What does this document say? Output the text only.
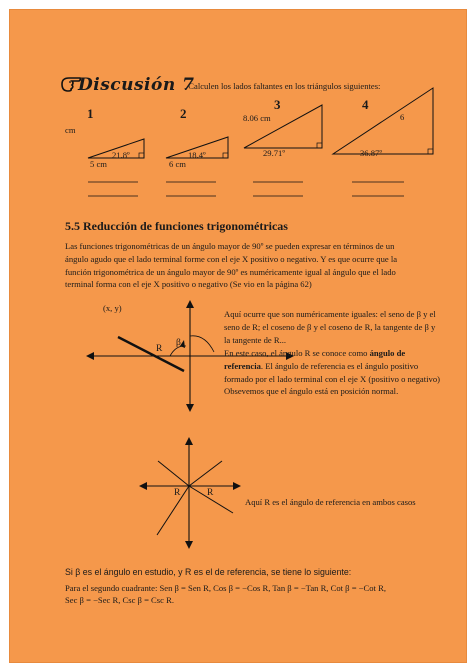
Discusión 7
. Calculen los lados faltantes en los triángulos siguientes:
1	2
3	4
cm
5 cm
21.8º
6 cm
18.4º
8.06 cm
29.71º
6
36.87º
5.5 Reducción de funciones trigonométricas
Las funciones trigonométricas de un ángulo mayor de 90º se pueden expresar en términos de un
ángulo agudo que el lado terminal forme con el eje X positivo o negativo. Y es que ocurre que la
función trigonométrica de un ángulo mayor de 90º es numéricamente igual al ángulo que el lado
terminal forma con el eje X positivo o negativo (Se vio en la página 62)
(x, y)
R
β
Aquí ocurre que son numéricamente iguales: el seno de β y el
seno de R; el coseno de β y el coseno de R, la tangente de β y
la tangente de R...
En este caso, el ángulo R se conoce como ángulo de
referencia. El ángulo de referencia es el ángulo positivo
formado por el lado terminal con el eje X (positivo o negativo)
Obsevemos que el ángulo está en posición normal.
R	R
Aquí R es el ángulo de referencia en ambos casos
Si β es el ángulo en estudio, y R es el de referencia, se tiene lo siguiente:
Para el segundo cuadrante: Sen β = Sen R, Cos β = −Cos R, Tan β = −Tan R, Cot β = −Cot R,
Sec β = −Sec R, Csc β = Csc R.
